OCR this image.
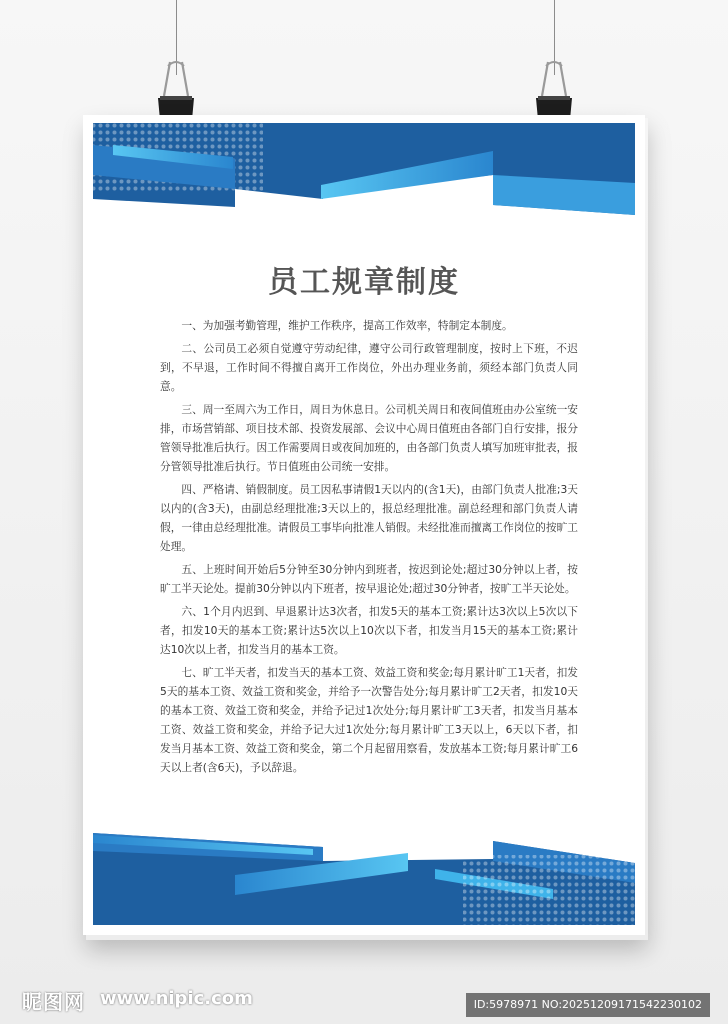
员工规章制度

一、为加强考勤管理，维护工作秩序，提高工作效率，特制定本制度。

二、公司员工必须自觉遵守劳动纪律，遵守公司行政管理制度，按时上下班，不迟到，不早退，工作时间不得擅自离开工作岗位，外出办理业务前，须经本部门负责人同意。

三、周一至周六为工作日，周日为休息日。公司机关周日和夜间值班由办公室统一安排，市场营销部、项目技术部、投资发展部、会议中心周日值班由各部门自行安排，报分管领导批准后执行。因工作需要周日或夜间加班的，由各部门负责人填写加班审批表，报分管领导批准后执行。节日值班由公司统一安排。

四、严格请、销假制度。员工因私事请假1天以内的(含1天)，由部门负责人批准;3天以内的(含3天)，由副总经理批准;3天以上的，报总经理批准。副总经理和部门负责人请假，一律由总经理批准。请假员工事毕向批准人销假。未经批准而擅离工作岗位的按旷工处理。

五、上班时间开始后5分钟至30分钟内到班者，按迟到论处;超过30分钟以上者，按旷工半天论处。提前30分钟以内下班者，按早退论处;超过30分钟者，按旷工半天论处。

六、1个月内迟到、早退累计达3次者，扣发5天的基本工资;累计达3次以上5次以下者，扣发10天的基本工资;累计达5次以上10次以下者，扣发当月15天的基本工资;累计达10次以上者，扣发当月的基本工资。

七、旷工半天者，扣发当天的基本工资、效益工资和奖金;每月累计旷工1天者，扣发5天的基本工资、效益工资和奖金，并给予一次警告处分;每月累计旷工2天者，扣发10天的基本工资、效益工资和奖金，并给予记过1次处分;每月累计旷工3天者，扣发当月基本工资、效益工资和奖金，并给予记大过1次处分;每月累计旷工3天以上，6天以下者，扣发当月基本工资、效益工资和奖金，第二个月起留用察看，发放基本工资;每月累计旷工6天以上者(含6天)，予以辞退。

昵图网 www.nipic.com	ID:5978971 NO:20251209171542230102
